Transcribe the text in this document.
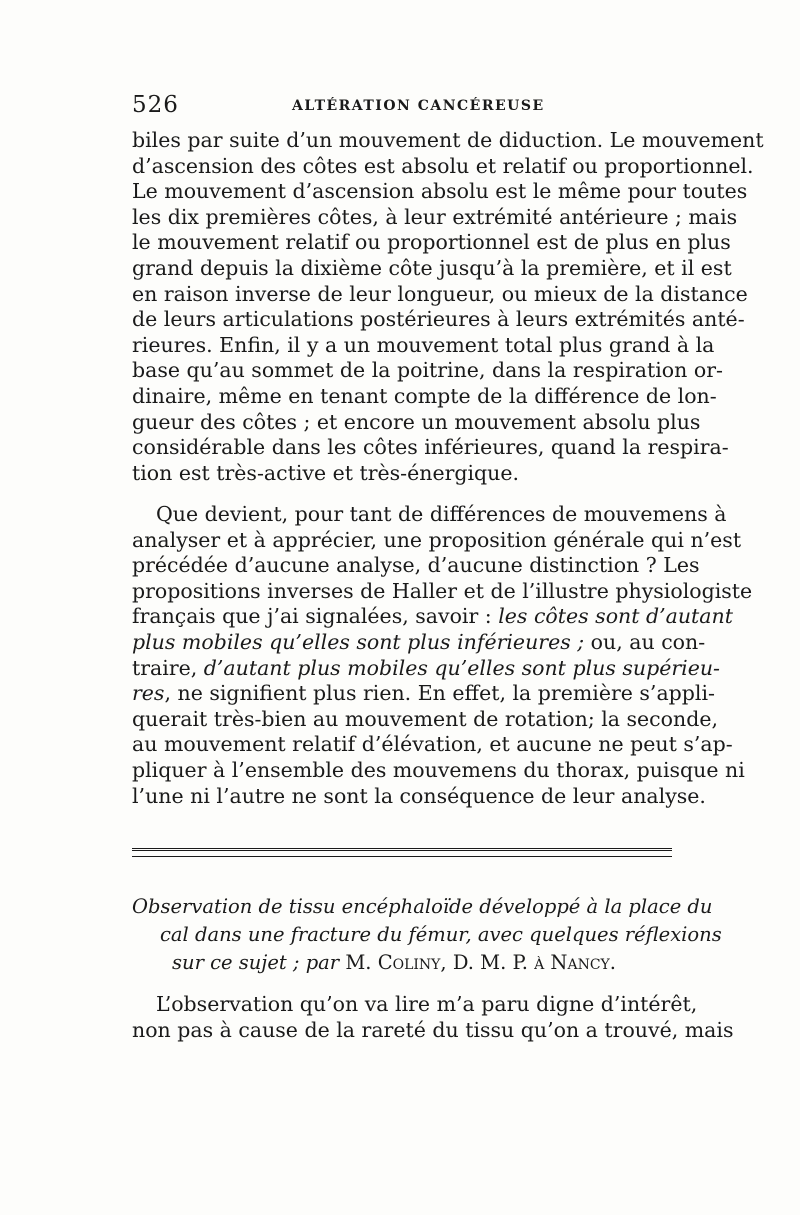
526	ALTÉRATION CANCÉREUSE
biles par suite d’un mouvement de diduction. Le mouvement
d’ascension des côtes est absolu et relatif ou proportionnel.
Le mouvement d’ascension absolu est le même pour toutes
les dix premières côtes, à leur extrémité antérieure ; mais
le mouvement relatif ou proportionnel est de plus en plus
grand depuis la dixième côte jusqu’à la première, et il est
en raison inverse de leur longueur, ou mieux de la distance
de leurs articulations postérieures à leurs extrémités anté-
rieures. Enfin, il y a un mouvement total plus grand à la
base qu’au sommet de la poitrine, dans la respiration or-
dinaire, même en tenant compte de la différence de lon-
gueur des côtes ; et encore un mouvement absolu plus
considérable dans les côtes inférieures, quand la respira-
tion est très-active et très-énergique.
Que devient, pour tant de différences de mouvemens à
analyser et à apprécier, une proposition générale qui n’est
précédée d’aucune analyse, d’aucune distinction ? Les
propositions inverses de Haller et de l’illustre physiologiste
français que j’ai signalées, savoir : les côtes sont d’autant
plus mobiles qu’elles sont plus inférieures ; ou, au con-
traire, d’autant plus mobiles qu’elles sont plus supérieu-
res, ne signifient plus rien. En effet, la première s’appli-
querait très-bien au mouvement de rotation; la seconde,
au mouvement relatif d’élévation, et aucune ne peut s’ap-
pliquer à l’ensemble des mouvemens du thorax, puisque ni
l’une ni l’autre ne sont la conséquence de leur analyse.
Observation de tissu encéphaloïde développé à la place du
cal dans une fracture du fémur, avec quelques réflexions
sur ce sujet ; par M. Coliny, D. M. P. à Nancy.
L’observation qu’on va lire m’a paru digne d’intérêt,
non pas à cause de la rareté du tissu qu’on a trouvé, mais
